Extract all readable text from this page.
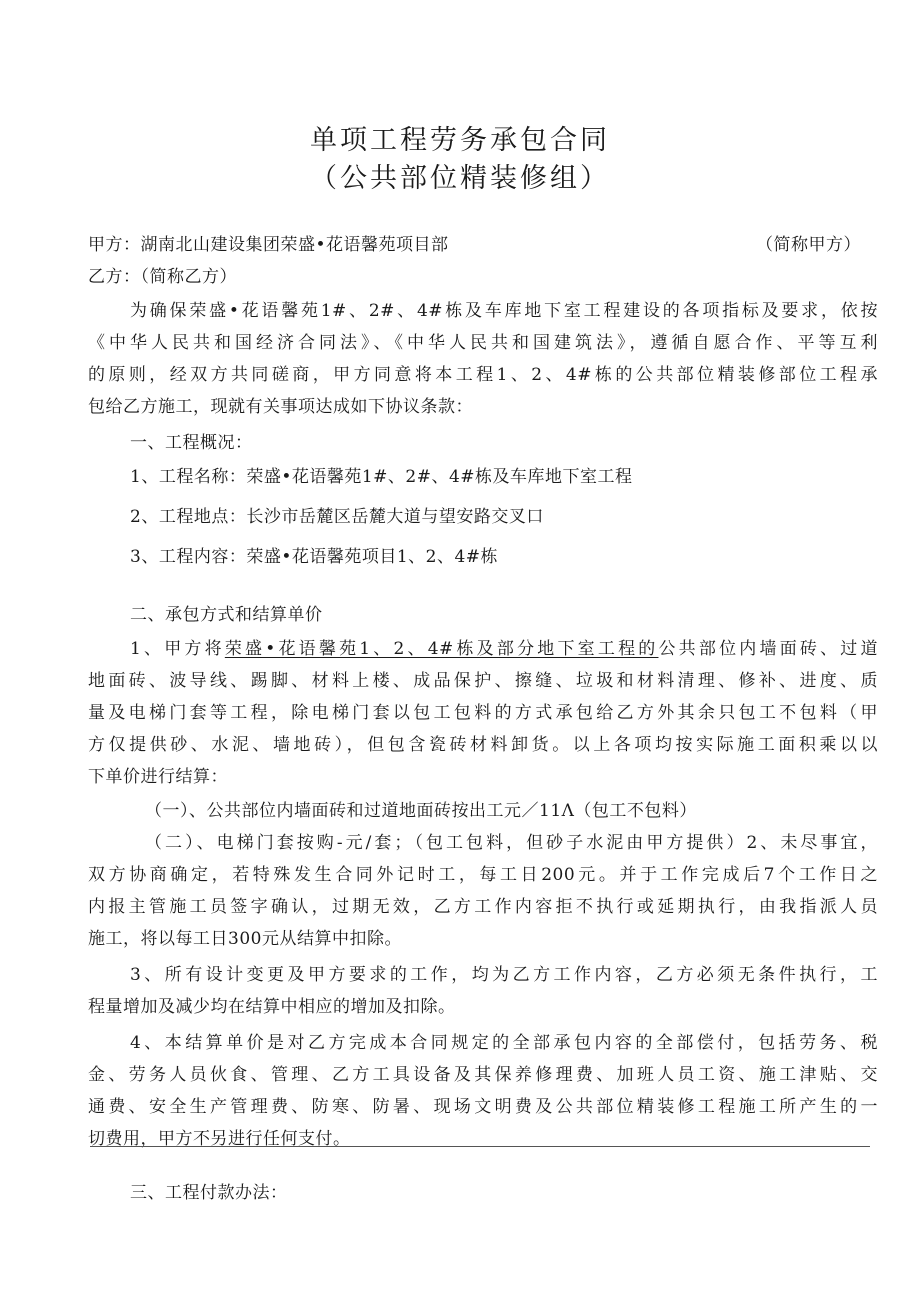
单项工程劳务承包合同
（公共部位精装修组）
甲方：湖南北山建设集团荣盛•花语馨苑项目部	（简称甲方）
乙方：（简称乙方）
为确保荣盛•花语馨苑1#、2#、4#栋及车库地下室工程建设的各项指标及要求，依按
《中华人民共和国经济合同法》、《中华人民共和国建筑法》，遵循自愿合作、平等互利
的原则，经双方共同磋商，甲方同意将本工程1、2、4#栋的公共部位精装修部位工程承
包给乙方施工，现就有关事项达成如下协议条款：
一、工程概况：
1、工程名称：荣盛•花语馨苑1#、2#、4#栋及车库地下室工程
2、工程地点：长沙市岳麓区岳麓大道与望安路交叉口
3、工程内容：荣盛•花语馨苑项目1、2、4#栋
二、承包方式和结算单价
1、甲方将荣盛•花语馨苑1、2、4#栋及部分地下室工程的公共部位内墙面砖、过道
地面砖、波导线、踢脚、材料上楼、成品保护、擦缝、垃圾和材料清理、修补、进度、质
量及电梯门套等工程，除电梯门套以包工包料的方式承包给乙方外其余只包工不包料（甲
方仅提供砂、水泥、墙地砖），但包含瓷砖材料卸货。以上各项均按实际施工面积乘以以
下单价进行结算：
（一）、公共部位内墙面砖和过道地面砖按出工元／11Λ（包工不包料）
（二）、电梯门套按购-元/套；（包工包料，但砂子水泥由甲方提供）2、未尽事宜，
双方协商确定，若特殊发生合同外记时工，每工日200元。并于工作完成后7个工作日之
内报主管施工员签字确认，过期无效，乙方工作内容拒不执行或延期执行，由我指派人员
施工，将以每工日300元从结算中扣除。
3、所有设计变更及甲方要求的工作，均为乙方工作内容，乙方必须无条件执行，工
程量增加及减少均在结算中相应的增加及扣除。
4、本结算单价是对乙方完成本合同规定的全部承包内容的全部偿付，包括劳务、税
金、劳务人员伙食、管理、乙方工具设备及其保养修理费、加班人员工资、施工津贴、交
通费、安全生产管理费、防寒、防暑、现场文明费及公共部位精装修工程施工所产生的一
切费用，甲方不另进行任何支付。
三、工程付款办法：
